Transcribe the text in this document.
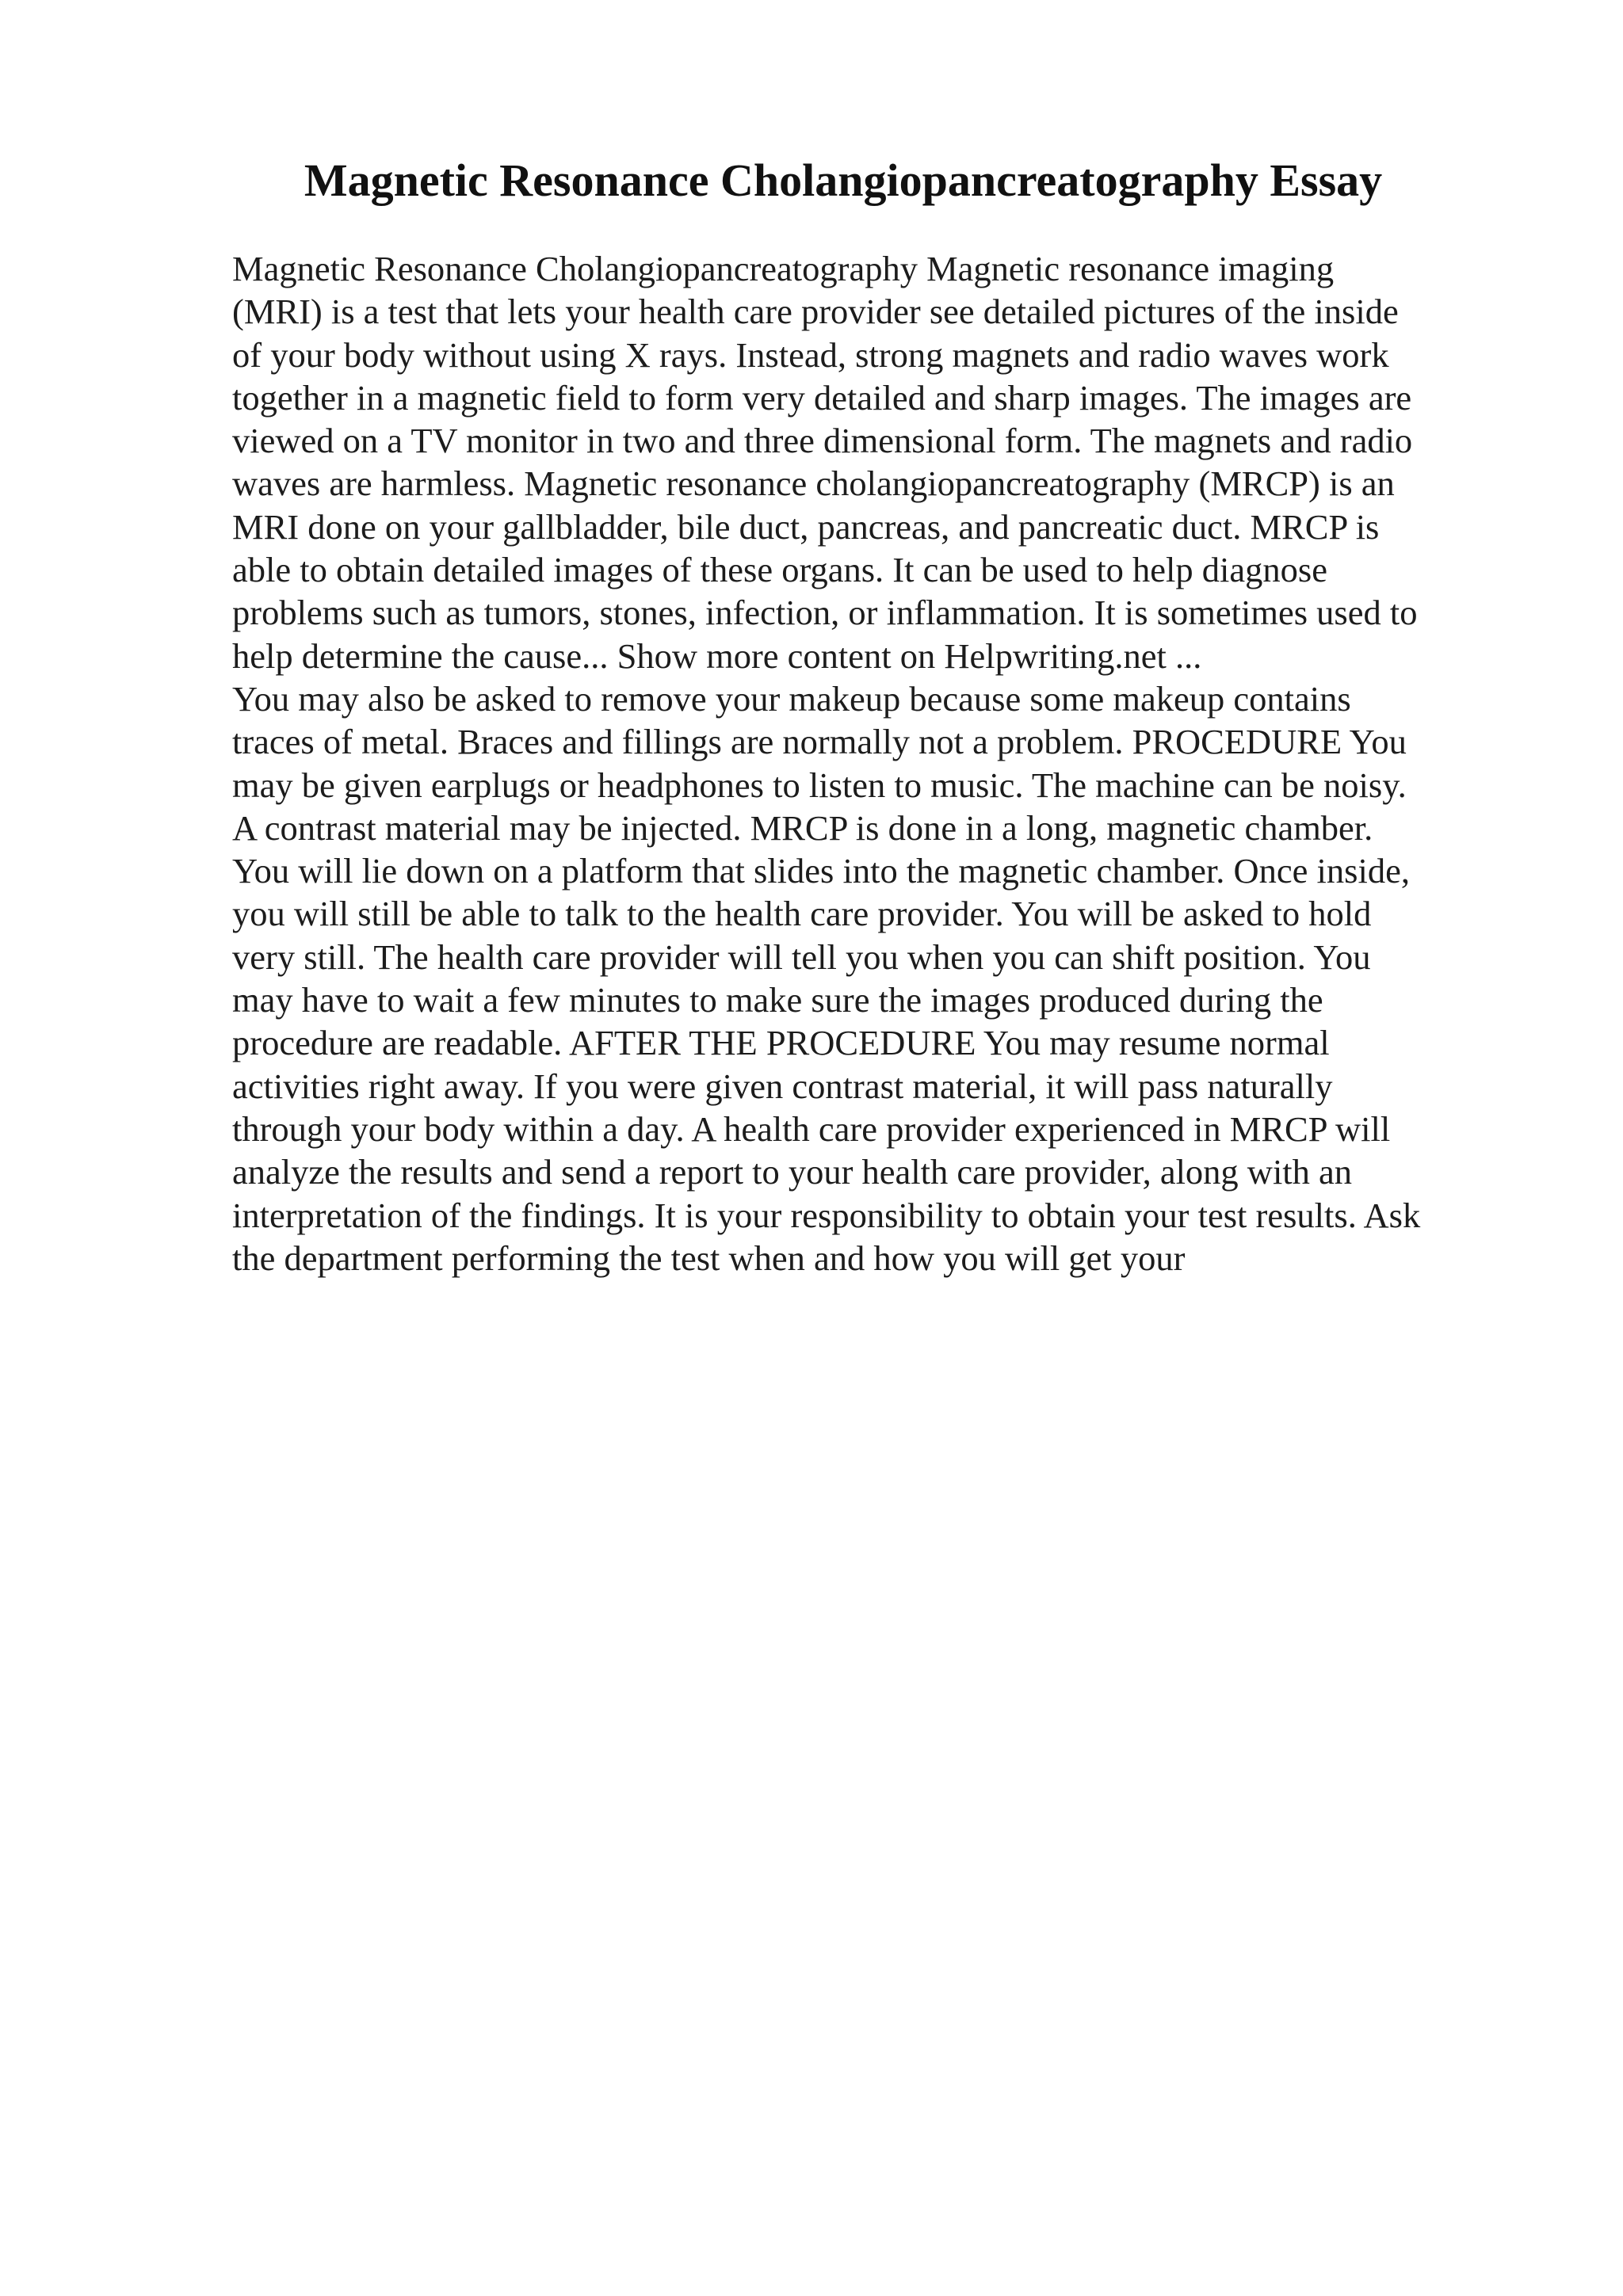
Magnetic Resonance Cholangiopancreatography Essay
Magnetic Resonance Cholangiopancreatography Magnetic resonance imaging
(MRI) is a test that lets your health care provider see detailed pictures of the inside
of your body without using X rays. Instead, strong magnets and radio waves work
together in a magnetic field to form very detailed and sharp images. The images are
viewed on a TV monitor in two and three dimensional form. The magnets and radio
waves are harmless. Magnetic resonance cholangiopancreatography (MRCP) is an
MRI done on your gallbladder, bile duct, pancreas, and pancreatic duct. MRCP is
able to obtain detailed images of these organs. It can be used to help diagnose
problems such as tumors, stones, infection, or inflammation. It is sometimes used to
help determine the cause... Show more content on Helpwriting.net ...
You may also be asked to remove your makeup because some makeup contains
traces of metal. Braces and fillings are normally not a problem. PROCEDURE You
may be given earplugs or headphones to listen to music. The machine can be noisy.
A contrast material may be injected. MRCP is done in a long, magnetic chamber.
You will lie down on a platform that slides into the magnetic chamber. Once inside,
you will still be able to talk to the health care provider. You will be asked to hold
very still. The health care provider will tell you when you can shift position. You
may have to wait a few minutes to make sure the images produced during the
procedure are readable. AFTER THE PROCEDURE You may resume normal
activities right away. If you were given contrast material, it will pass naturally
through your body within a day. A health care provider experienced in MRCP will
analyze the results and send a report to your health care provider, along with an
interpretation of the findings. It is your responsibility to obtain your test results. Ask
the department performing the test when and how you will get your
